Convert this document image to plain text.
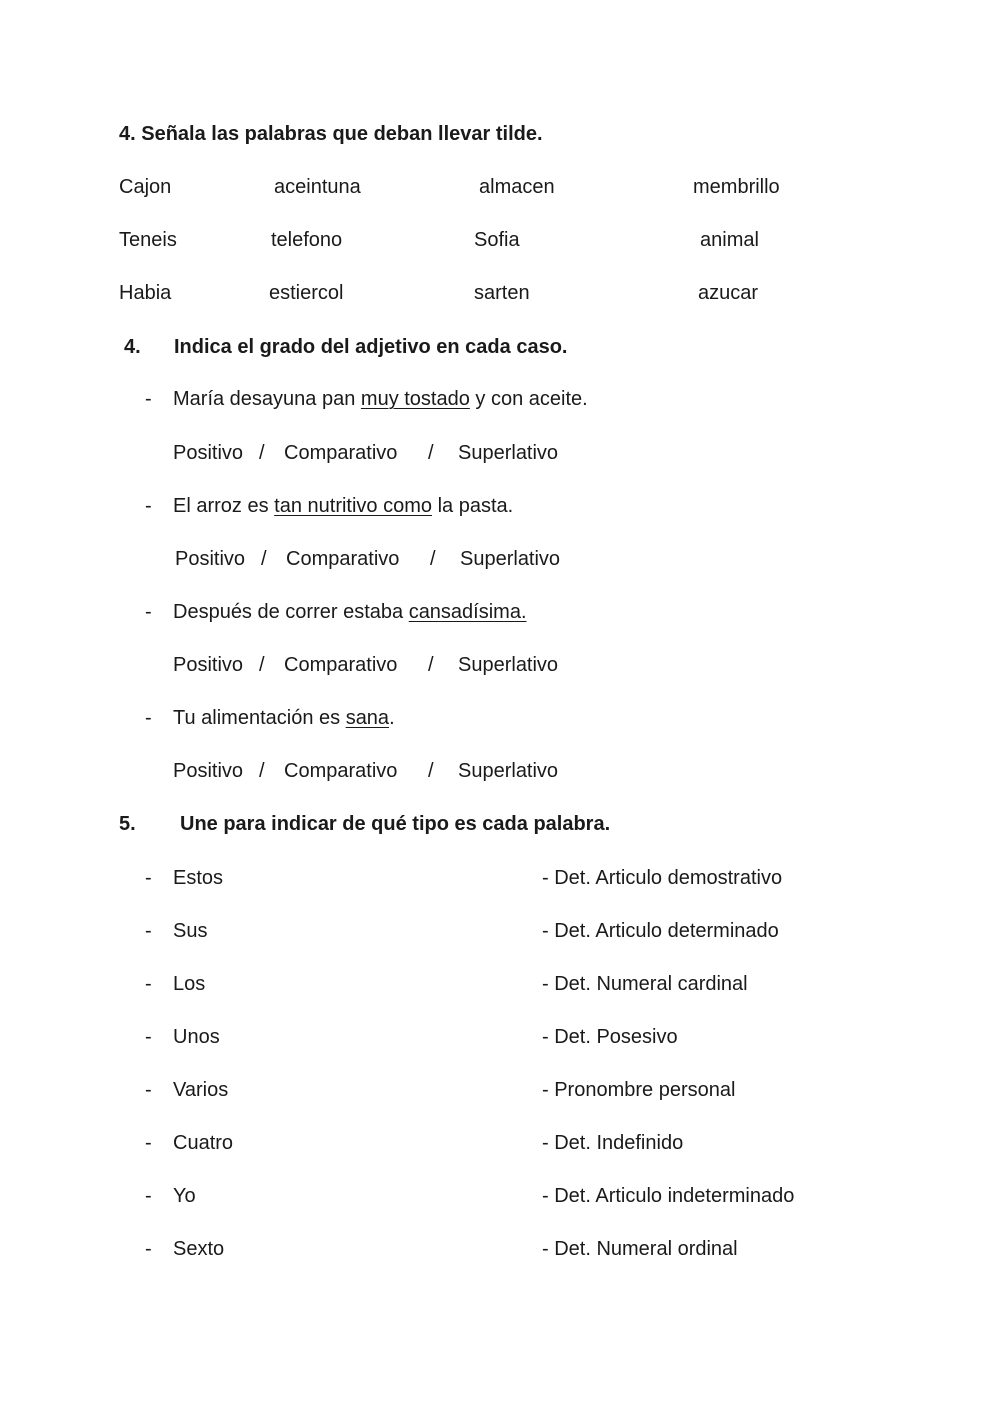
4. Señala las palabras que deban llevar tilde.
Cajon	aceintuna	almacen	membrillo
Teneis	telefono	Sofia	animal
Habia	estiercol	sarten	azucar
4. Indica el grado del adjetivo en cada caso.
- María desayuna pan muy tostado y con aceite.
Positivo / Comparativo / Superlativo
- El arroz es tan nutritivo como la pasta.
Positivo / Comparativo / Superlativo
- Después de correr estaba cansadísima.
Positivo / Comparativo / Superlativo
- Tu alimentación es sana.
Positivo / Comparativo / Superlativo
5. Une para indicar de qué tipo es cada palabra.
- Estos	- Det. Articulo demostrativo
- Sus	- Det. Articulo determinado
- Los	- Det. Numeral cardinal
- Unos	- Det. Posesivo
- Varios	- Pronombre personal
- Cuatro	- Det. Indefinido
- Yo	- Det. Articulo indeterminado
- Sexto	- Det. Numeral ordinal
